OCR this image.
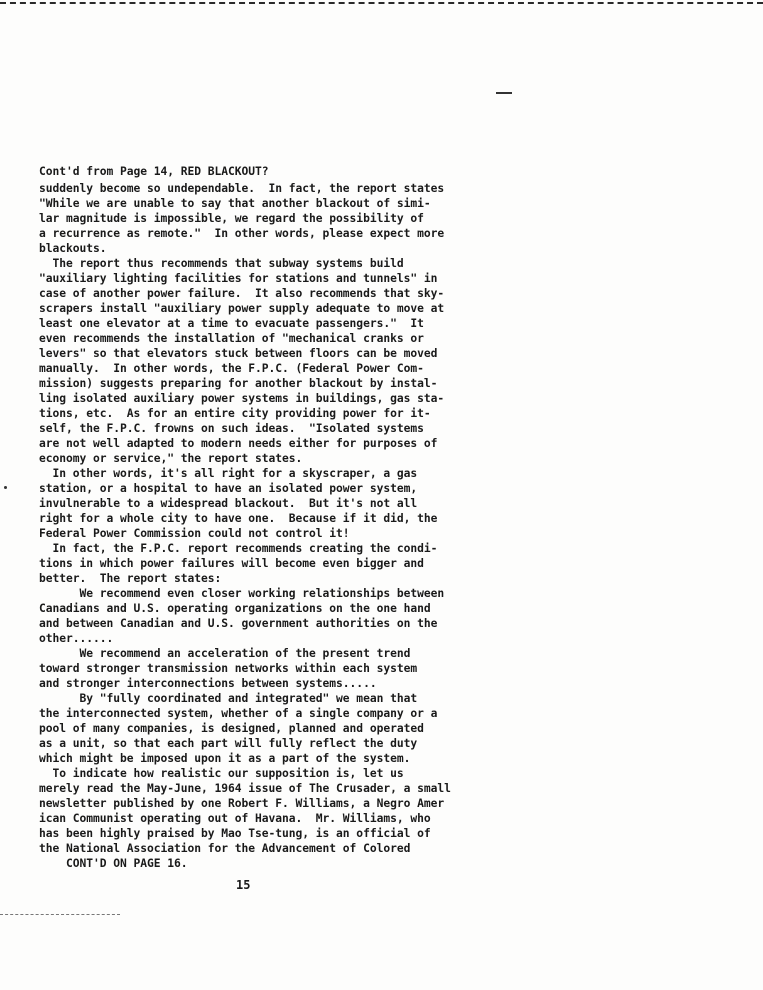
Cont'd from Page 14, RED BLACKOUT?
suddenly become so undependable.  In fact, the report states
"While we are unable to say that another blackout of simi-
lar magnitude is impossible, we regard the possibility of
a recurrence as remote."  In other words, please expect more
blackouts.
The report thus recommends that subway systems build
"auxiliary lighting facilities for stations and tunnels" in
case of another power failure.  It also recommends that sky-
scrapers install "auxiliary power supply adequate to move at
least one elevator at a time to evacuate passengers."  It
even recommends the installation of "mechanical cranks or
levers" so that elevators stuck between floors can be moved
manually.  In other words, the F.P.C. (Federal Power Com-
mission) suggests preparing for another blackout by instal-
ling isolated auxiliary power systems in buildings, gas sta-
tions, etc.  As for an entire city providing power for it-
self, the F.P.C. frowns on such ideas.  "Isolated systems
are not well adapted to modern needs either for purposes of
economy or service," the report states.
In other words, it's all right for a skyscraper, a gas
station, or a hospital to have an isolated power system,
invulnerable to a widespread blackout.  But it's not all
right for a whole city to have one.  Because if it did, the
Federal Power Commission could not control it!
In fact, the F.P.C. report recommends creating the condi-
tions in which power failures will become even bigger and
better.  The report states:
We recommend even closer working relationships between
Canadians and U.S. operating organizations on the one hand
and between Canadian and U.S. government authorities on the
other......
We recommend an acceleration of the present trend
toward stronger transmission networks within each system
and stronger interconnections between systems.....
By "fully coordinated and integrated" we mean that
the interconnected system, whether of a single company or a
pool of many companies, is designed, planned and operated
as a unit, so that each part will fully reflect the duty
which might be imposed upon it as a part of the system.
To indicate how realistic our supposition is, let us
merely read the May-June, 1964 issue of The Crusader, a small
newsletter published by one Robert F. Williams, a Negro Amer
ican Communist operating out of Havana.  Mr. Williams, who
has been highly praised by Mao Tse-tung, is an official of
the National Association for the Advancement of Colored
CONT'D ON PAGE 16.
15
